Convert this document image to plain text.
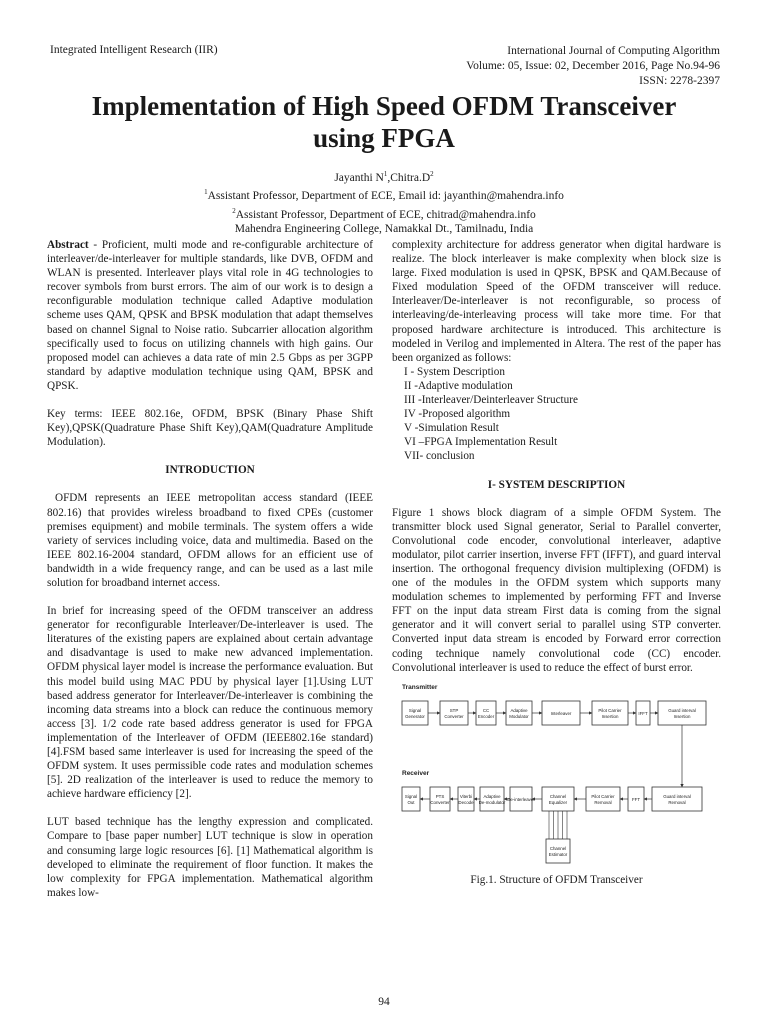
Integrated Intelligent Research (IIR)	International Journal of Computing Algorithm
Volume: 05, Issue: 02, December 2016, Page No.94-96
ISSN: 2278-2397
Implementation of High Speed OFDM Transceiver
using FPGA
Jayanthi $N^1,Chitra.D^2$
$^1$Assistant Professor, Department of ECE, Email id: jayanthin@mahendra.info
$^2$Assistant Professor, Department of ECE, chitrad@mahendra.info
Mahendra Engineering College, Namakkal Dt., Tamilnadu, India

Abstract - Proficient, multi mode and re-configurable architecture of interleaver/de-interleaver for multiple standards, like DVB, OFDM and WLAN is presented. Interleaver plays vital role in 4G technologies to recover symbols from burst errors. The aim of our work is to design a reconfigurable modulation technique called Adaptive modulation scheme uses QAM, QPSK and BPSK modulation that adapt themselves based on channel Signal to Noise ratio. Subcarrier allocation algorithm specifically used to focus on utilizing channels with high gains. Our proposed model can achieves a data rate of min 2.5 Gbps as per 3GPP standard by adaptive modulation technique using QAM, BPSK and QPSK.

Key terms: IEEE 802.16e, OFDM, BPSK (Binary Phase Shift Key),QPSK(Quadrature Phase Shift Key),QAM(Quadrature Amplitude Modulation).

INTRODUCTION

OFDM represents an IEEE metropolitan access standard (IEEE 802.16) that provides wireless broadband to fixed CPEs (customer premises equipment) and mobile terminals. The system offers a wide variety of services including voice, data and multimedia. Based on the IEEE 802.16-2004 standard, OFDM allows for an efficient use of bandwidth in a wide frequency range, and can be used as a last mile solution for broadband internet access.

In brief for increasing speed of the OFDM transceiver an address generator for reconfigurable Interleaver/De-interleaver is used. The literatures of the existing papers are explained about certain advantage and disadvantage is used to make new advanced implementation. OFDM physical layer model is increase the performance evaluation. But this model build using MAC PDU by physical layer [1].Using LUT based address generator for Interleaver/De-interleaver is combining the incoming data streams into a block can reduce the continuous memory access [3]. 1/2 code rate based address generator is used for FPGA implementation of the Interleaver of OFDM (IEEE802.16e standard) [4].FSM based same interleaver is used for increasing the speed of the OFDM system. It uses permissible code rates and modulation schemes [5]. 2D realization of the interleaver is used to reduce the memory to achieve hardware efficiency [2].

LUT based technique has the lengthy expression and complicated. Compare to [base paper number] LUT technique is slow in operation and consuming large logic resources [6]. [1] Mathematical algorithm is developed to eliminate the requirement of floor function. It makes the low complexity for FPGA implementation. Mathematical algorithm makes low-

complexity architecture for address generator when digital hardware is realize. The block interleaver is make complexity when block size is large. Fixed modulation is used in QPSK, BPSK and QAM.Because of Fixed modulation Speed of the OFDM transceiver will reduce. Interleaver/De-interleaver is not reconfigurable, so process of interleaving/de-interleaving process will take more time. For that proposed hardware architecture is introduced. This architecture is modeled in Verilog and implemented in Altera. The rest of the paper has been organized as follows:

I - System Description
II -Adaptive modulation
III -Interleaver/Deinterleaver Structure
IV -Proposed algorithm
V -Simulation Result
VI –FPGA Implementation Result
VII- conclusion
I- SYSTEM DESCRIPTION

Figure 1 shows block diagram of a simple OFDM System. The transmitter block used Signal generator, Serial to Parallel converter, Convolutional code encoder, convolutional interleaver, adaptive modulator, pilot carrier insertion, inverse FFT (IFFT), and guard interval insertion. The orthogonal frequency division multiplexing (OFDM) is one of the modules in the OFDM system which supports many modulation schemes to implemented by performing FFT and Inverse FFT on the input data stream First data is coming from the signal generator and it will convert serial to parallel using STP converter. Converted input data stream is encoded by Forward error correction coding technique namely convolutional code (CC) encoder. Convolutional interleaver is used to reduce the effect of burst error.

Transmitter
Receiver
Signal
Generator
STP
Converter
CC
Encoder
Adaptive
Modulator
Interleaver
Pilot Carrier
Insertion
IFFT
Guard interval
Insertion
Signal
Out
PTS
Converter
Viterbi
Decode
Adaptive
De-modulator
De-interleaver
Channel
Equalizer
Pilot Carrier
Removal
FFT
Guard interval
Removal
Channel
Estimator
Fig.1. Structure of OFDM Transceiver
94
